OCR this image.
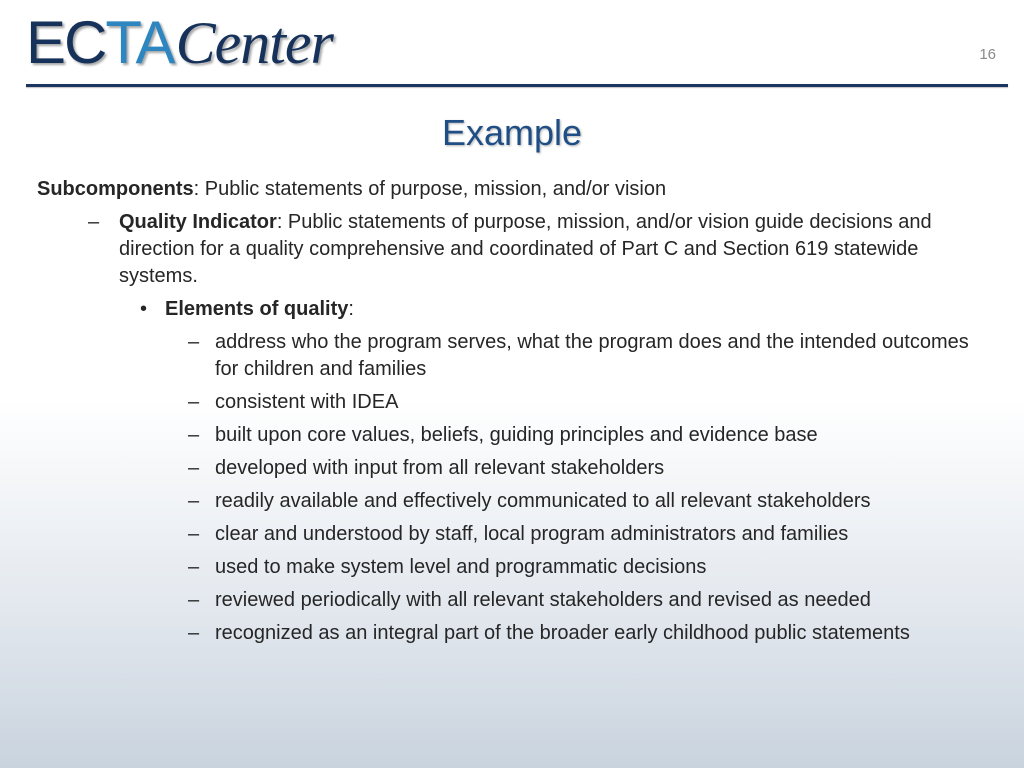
ECTACenter	16
Example

Subcomponents: Public statements of purpose, mission, and/or vision

– Quality Indicator: Public statements of purpose, mission, and/or vision guide decisions and direction for a quality comprehensive and coordinated of Part C and Section 619 statewide systems.

• Elements of quality:

– address who the program serves, what the program does and the intended outcomes for children and families

– consistent with IDEA

– built upon core values, beliefs, guiding principles and evidence base

– developed with input from all relevant stakeholders

– readily available and effectively communicated to all relevant stakeholders

– clear and understood by staff, local program administrators and families

– used to make system level and programmatic decisions

– reviewed periodically with all relevant stakeholders and revised as needed

– recognized as an integral part of the broader early childhood public statements
